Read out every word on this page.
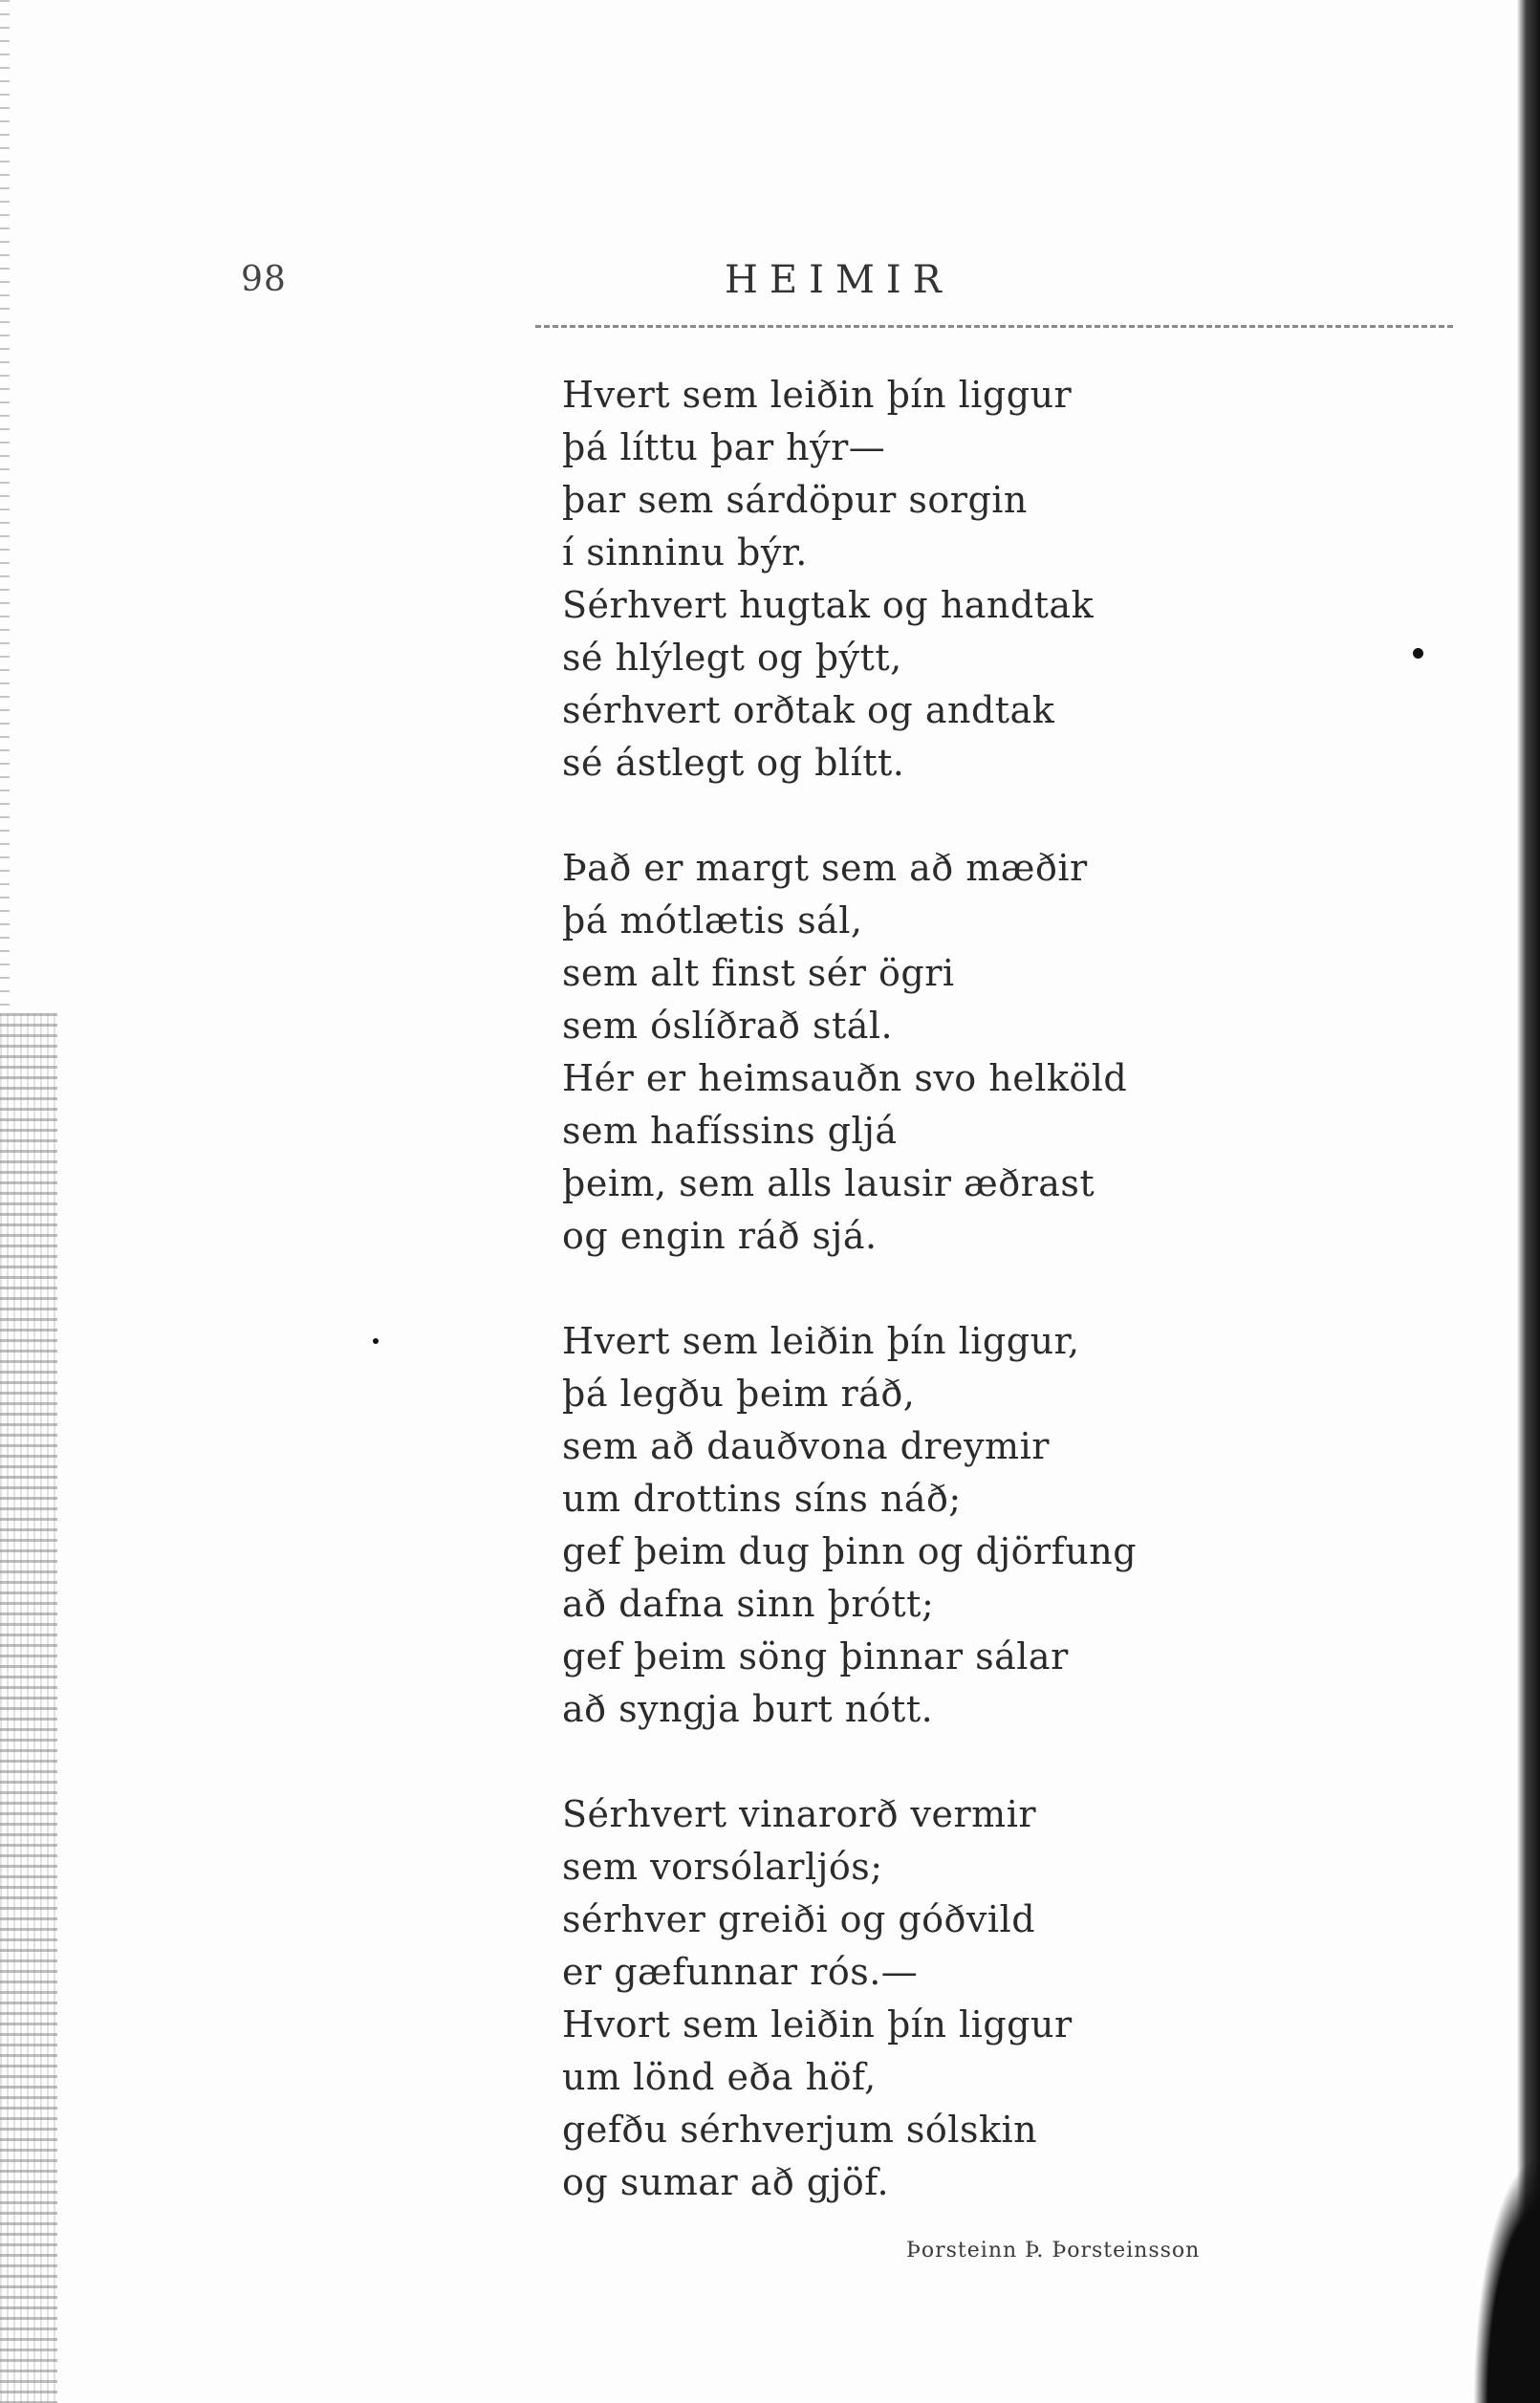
98	HEIMIR
Hvert sem leiðin þín liggur
þá líttu þar hýr—
þar sem sárdöpur sorgin
í sinninu býr.
Sérhvert hugtak og handtak
sé hlýlegt og þýtt,
sérhvert orðtak og andtak
sé ástlegt og blítt.
Það er margt sem að mæðir
þá mótlætis sál,
sem alt finst sér ögri
sem óslíðrað stál.
Hér er heimsauðn svo helköld
sem hafíssins gljá
þeim, sem alls lausir æðrast
og engin ráð sjá.
Hvert sem leiðin þín liggur,
þá legðu þeim ráð,
sem að dauðvona dreymir
um drottins síns náð;
gef þeim dug þinn og djörfung
að dafna sinn þrótt;
gef þeim söng þinnar sálar
að syngja burt nótt.
Sérhvert vinarorð vermir
sem vorsólarljós;
sérhver greiði og góðvild
er gæfunnar rós.—
Hvort sem leiðin þín liggur
um lönd eða höf,
gefðu sérhverjum sólskin
og sumar að gjöf.
Þorsteinn Þ. Þorsteinsson
